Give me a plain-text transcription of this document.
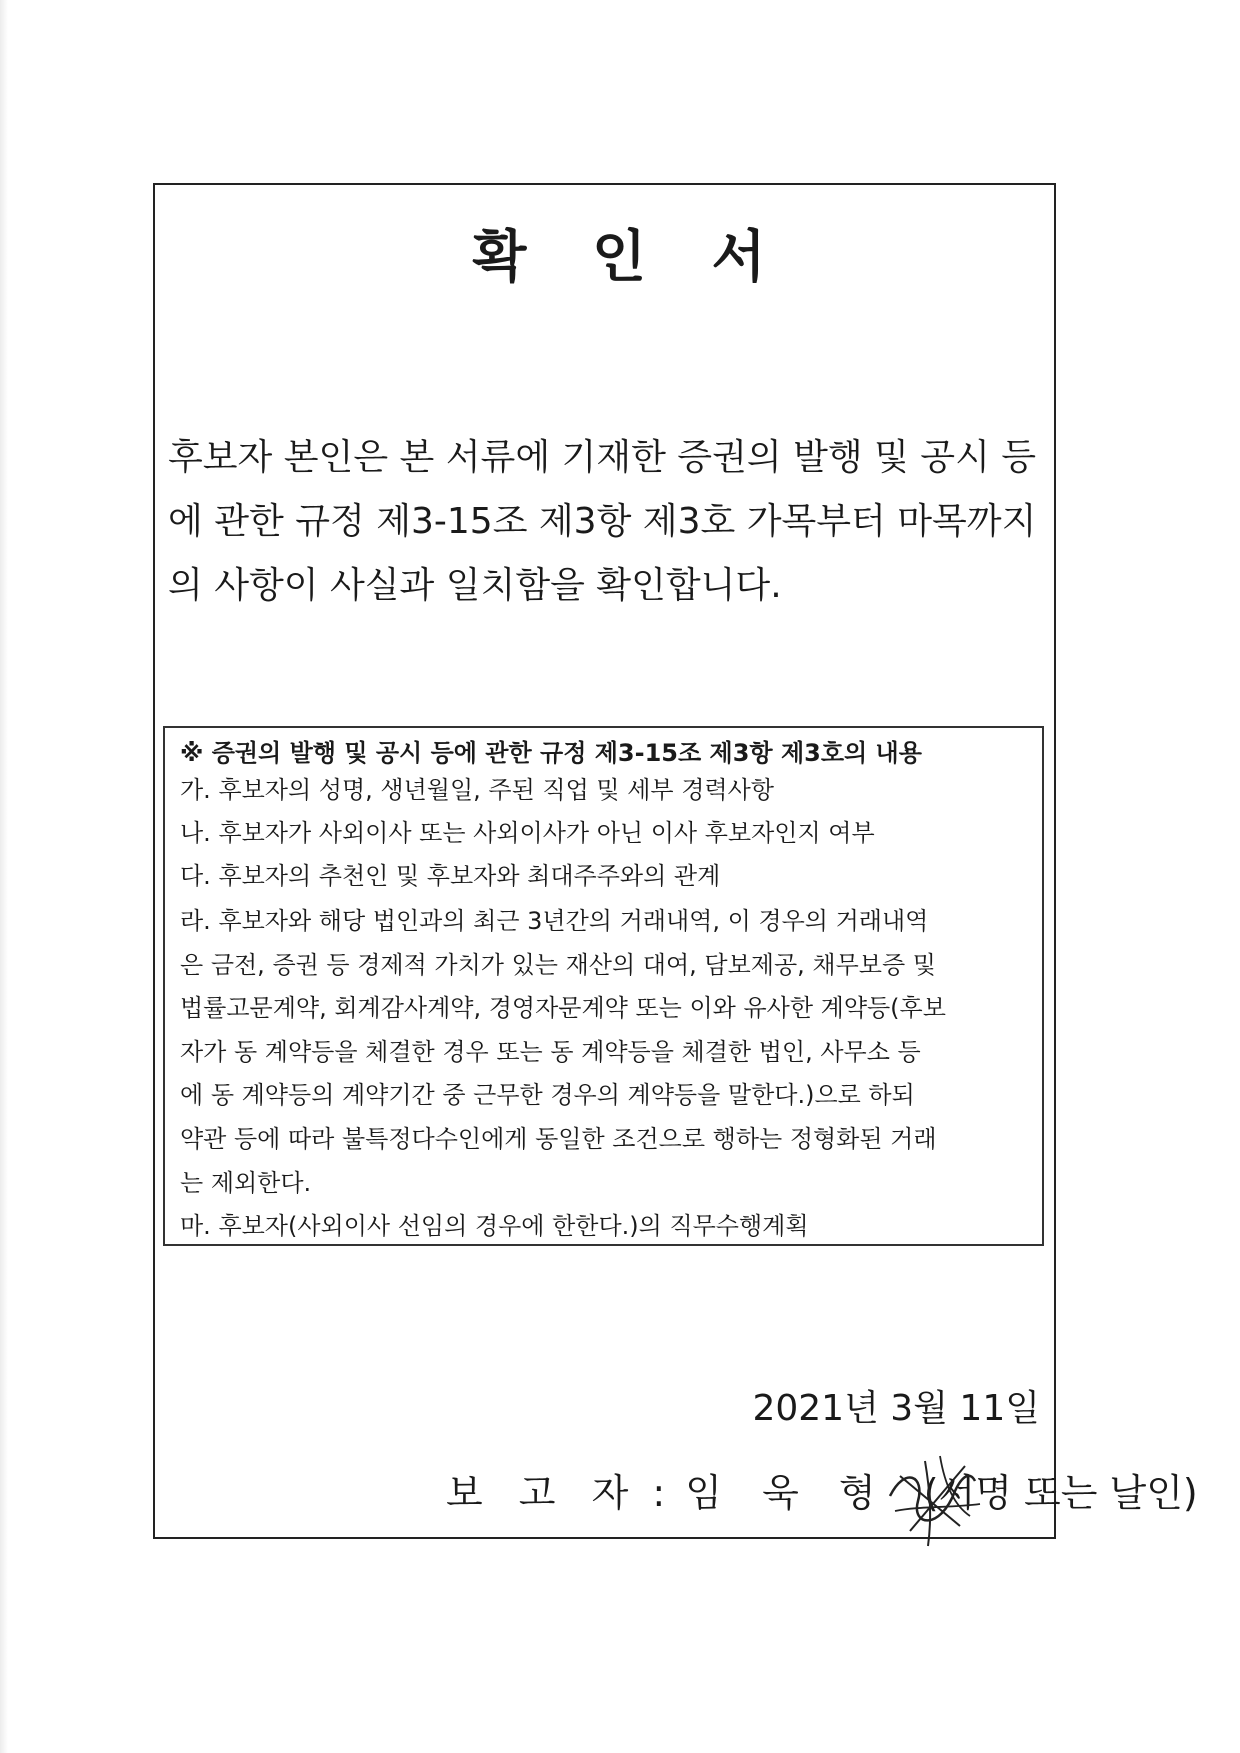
확 인 서
후보자 본인은 본 서류에 기재한 증권의 발행 및 공시 등
에 관한 규정 제3-15조 제3항 제3호 가목부터 마목까지
의 사항이 사실과 일치함을 확인합니다.
※ 증권의 발행 및 공시 등에 관한 규정 제3-15조 제3항 제3호의 내용
가. 후보자의 성명, 생년월일, 주된 직업 및 세부 경력사항
나. 후보자가 사외이사 또는 사외이사가 아닌 이사 후보자인지 여부
다. 후보자의 추천인 및 후보자와 최대주주와의 관계
라. 후보자와 해당 법인과의 최근 3년간의 거래내역, 이 경우의 거래내역
은 금전, 증권 등 경제적 가치가 있는 재산의 대여, 담보제공, 채무보증 및
법률고문계약, 회계감사계약, 경영자문계약 또는 이와 유사한 계약등(후보
자가 동 계약등을 체결한 경우 또는 동 계약등을 체결한 법인, 사무소 등
에 동 계약등의 계약기간 중 근무한 경우의 계약등을 말한다.)으로 하되
약관 등에 따라 불특정다수인에게 동일한 조건으로 행하는 정형화된 거래
는 제외한다.
마. 후보자(사외이사 선임의 경우에 한한다.)의 직무수행계획
2021년 3월 11일
보 고 자 : 임 욱 형 (서명 또는 날인)
